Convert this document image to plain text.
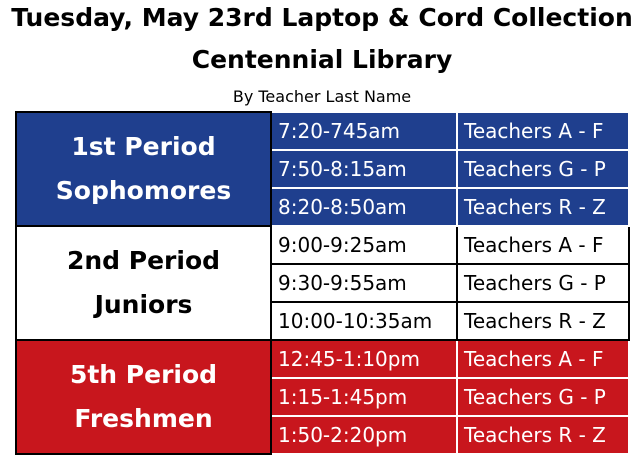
Tuesday, May 23rd Laptop & Cord Collection
Centennial Library
By Teacher Last Name
1st Period
Sophomores	7:20-745am	Teachers A - F
	7:50-8:15am	Teachers G - P
	8:20-8:50am	Teachers R - Z

2nd Period
Juniors	9:00-9:25am	Teachers A - F
	9:30-9:55am	Teachers G - P
	10:00-10:35am	Teachers R - Z

5th Period
Freshmen	12:45-1:10pm	Teachers A - F
	1:15-1:45pm	Teachers G - P
	1:50-2:20pm	Teachers R - Z
